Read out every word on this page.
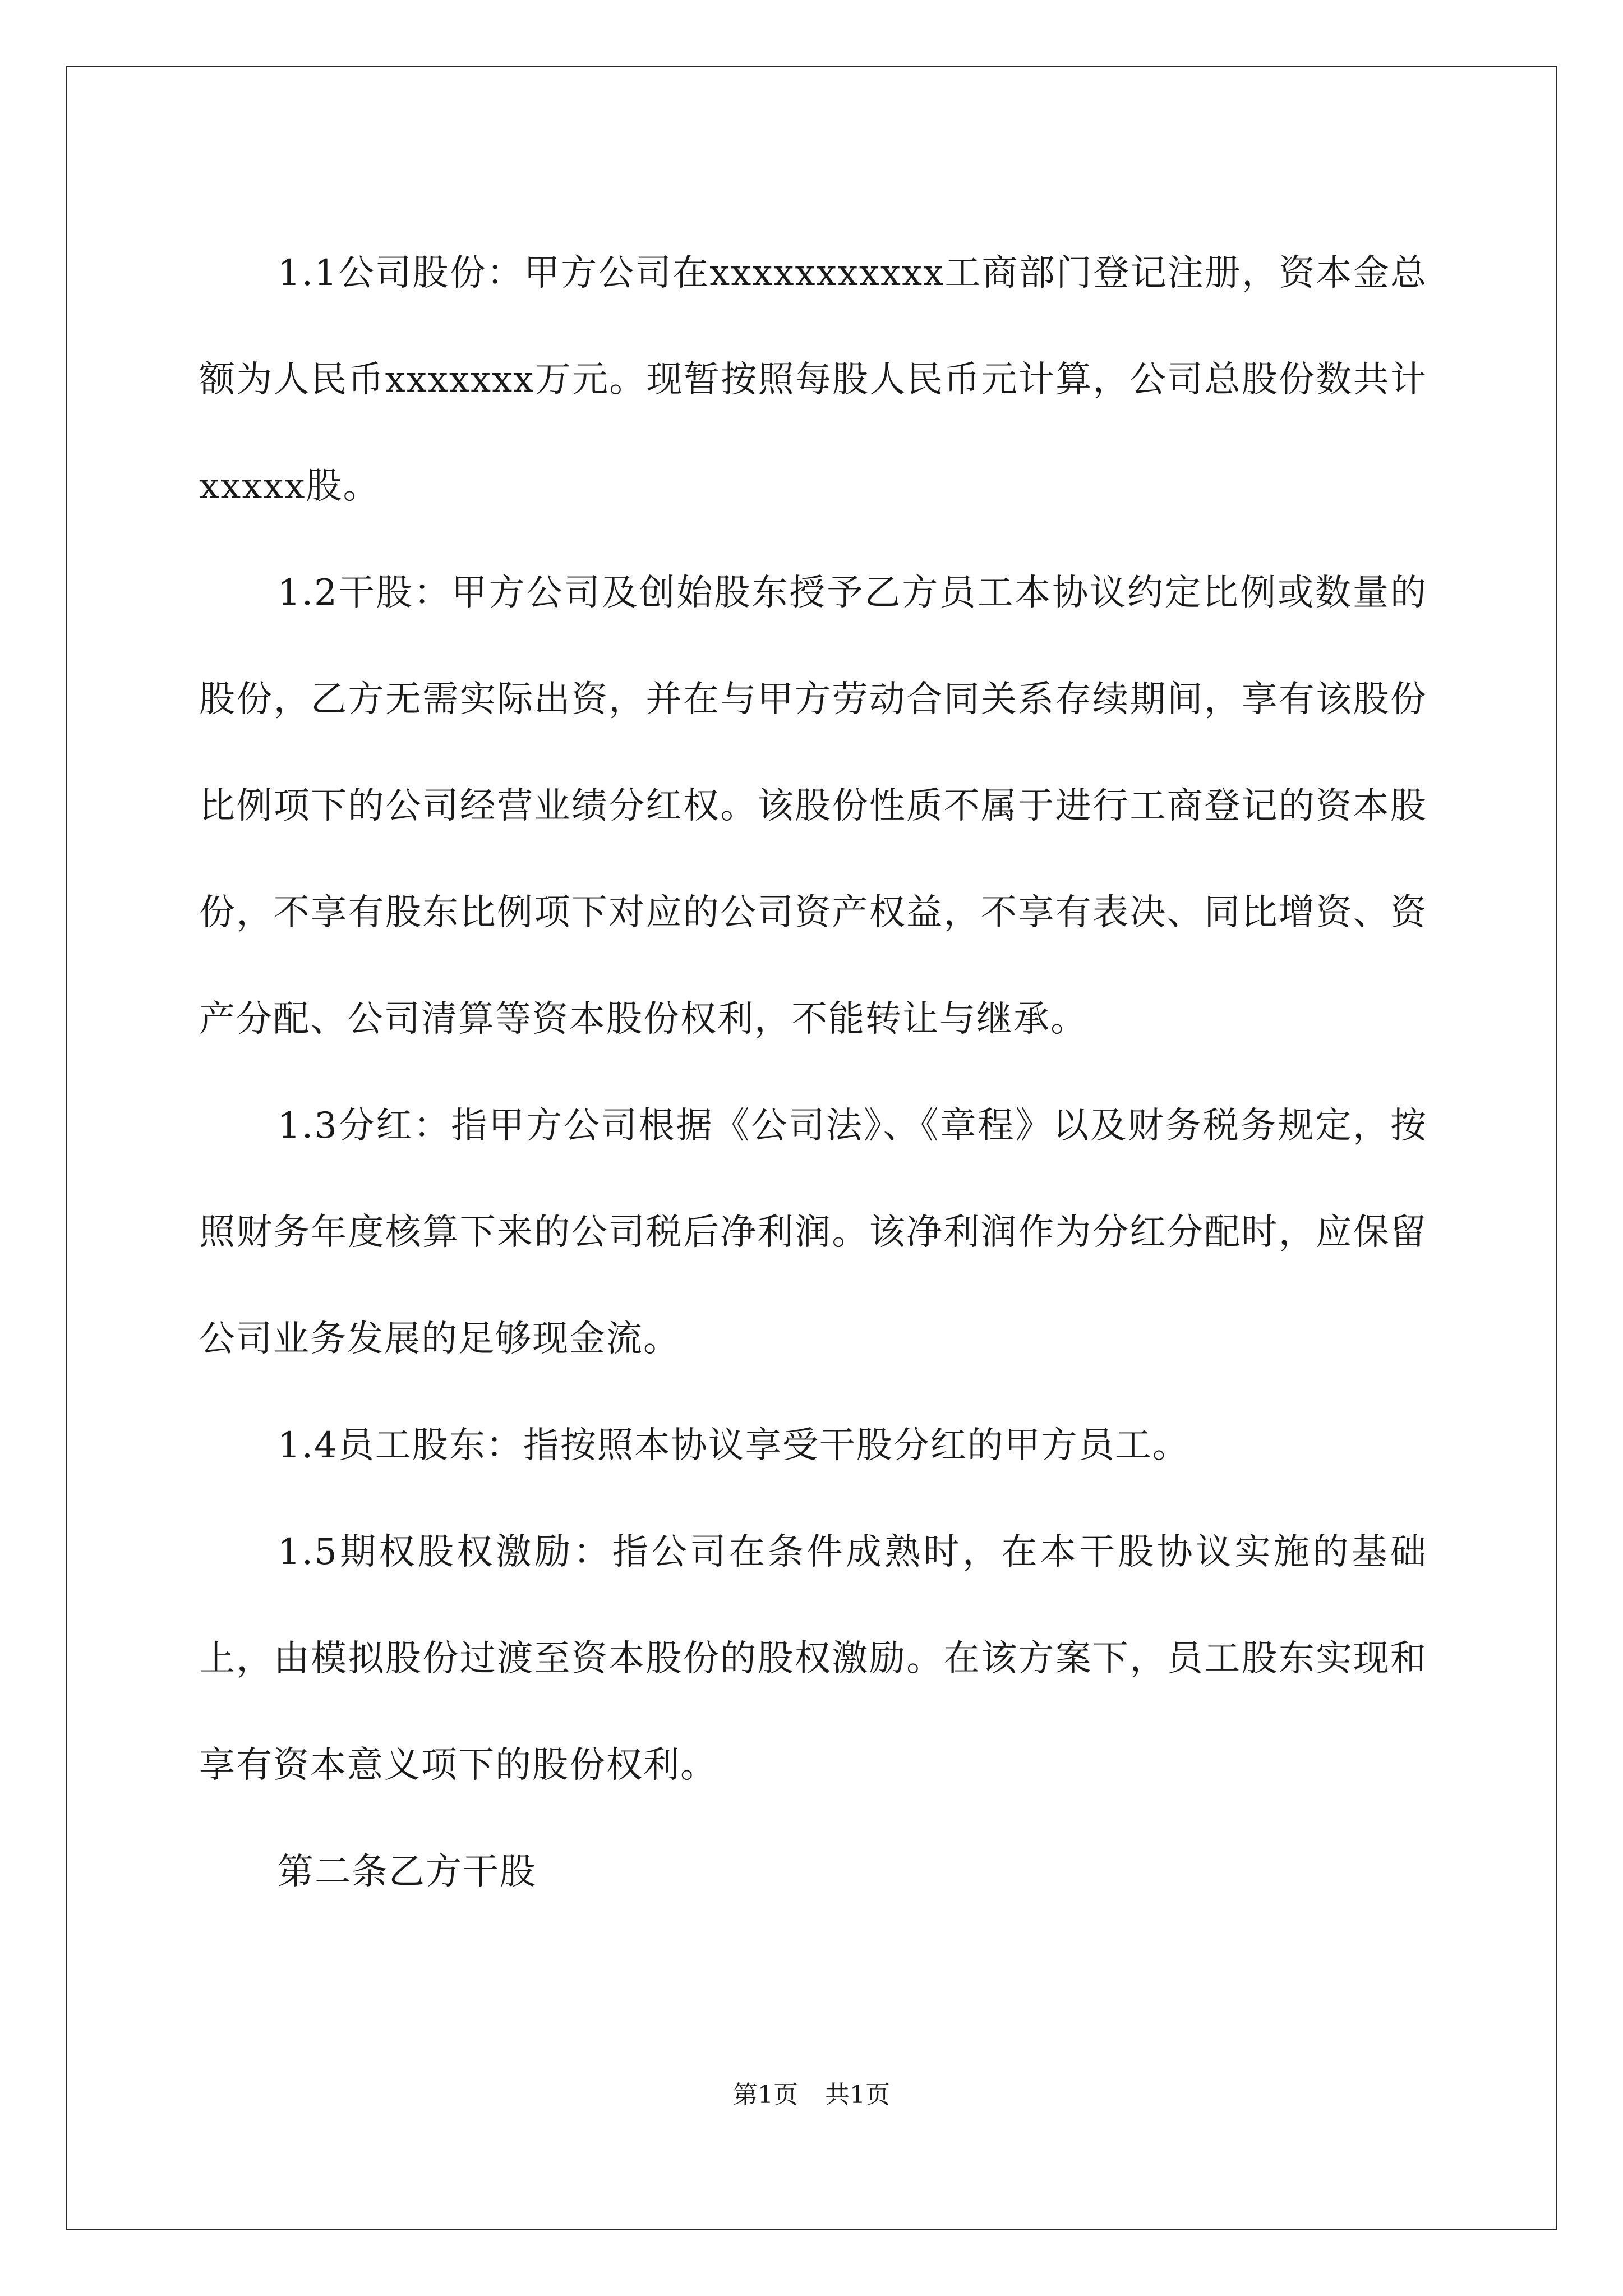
1.1公司股份：甲方公司在xxxxxxxxxxx工商部门登记注册，资本金总额为人民币xxxxxxx万元。现暂按照每股人民币元计算，公司总股份数共计xxxxx股。

1.2干股：甲方公司及创始股东授予乙方员工本协议约定比例或数量的股份，乙方无需实际出资，并在与甲方劳动合同关系存续期间，享有该股份比例项下的公司经营业绩分红权。该股份性质不属于进行工商登记的资本股份，不享有股东比例项下对应的公司资产权益，不享有表决、同比增资、资产分配、公司清算等资本股份权利，不能转让与继承。

1.3分红：指甲方公司根据《公司法》、《章程》以及财务税务规定，按照财务年度核算下来的公司税后净利润。该净利润作为分红分配时，应保留公司业务发展的足够现金流。

1.4员工股东：指按照本协议享受干股分红的甲方员工。

1.5期权股权激励：指公司在条件成熟时，在本干股协议实施的基础上，由模拟股份过渡至资本股份的股权激励。在该方案下，员工股东实现和享有资本意义项下的股份权利。

第二条乙方干股

第1页 共1页
